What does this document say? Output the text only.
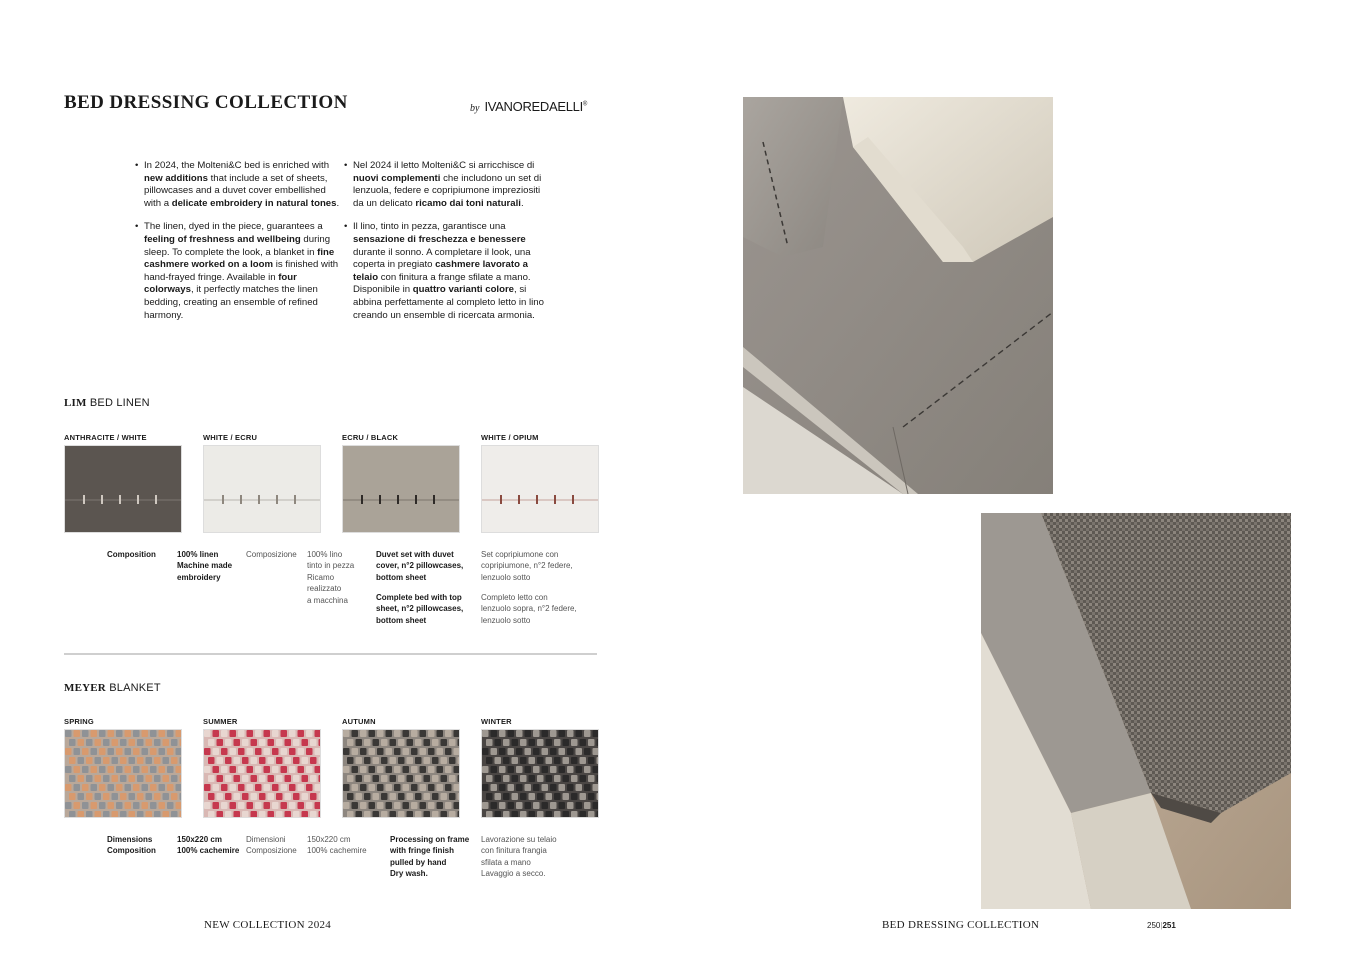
BED DRESSING COLLECTION	by IVANOREDAELLI®
• In 2024, the Molteni&C bed is enriched with new additions that include a set of sheets, pillowcases and a duvet cover embellished with a delicate embroidery in natural tones.
• The linen, dyed in the piece, guarantees a feeling of freshness and wellbeing during sleep. To complete the look, a blanket in fine cashmere worked on a loom is finished with hand-frayed fringe. Available in four colorways, it perfectly matches the linen bedding, creating an ensemble of refined harmony.
• Nel 2024 il letto Molteni&C si arricchisce di nuovi complementi che includono un set di lenzuola, federe e copripiumone impreziositi da un delicato ricamo dai toni naturali.
• Il lino, tinto in pezza, garantisce una sensazione di freschezza e benessere durante il sonno. A completare il look, una coperta in pregiato cashmere lavorato a telaio con finitura a frange sfilate a mano. Disponibile in quattro varianti colore, si abbina perfettamente al completo letto in lino creando un ensemble di ricercata armonia.
LIM BED LINEN
ANTHRACITE / WHITE	WHITE / ECRU	ECRU / BLACK	WHITE / OPIUM
Composition	100% linen
Machine made
embroidery
Composizione 100% lino
tinto in pezza
Ricamo
realizzato
a macchina
Duvet set with duvet cover, n°2 pillowcases, bottom sheet
Complete bed with top sheet, n°2 pillowcases, bottom sheet
Set copripiumone con copripiumone, n°2 federe, lenzuolo sotto
Completo letto con lenzuolo sopra, n°2 federe, lenzuolo sotto
MEYER BLANKET
SPRING	SUMMER	AUTUMN	WINTER
Dimensions
Composition
150x220 cm
100% cachemire
Dimensioni
Composizione
150x220 cm
100% cachemire
Processing on frame
with fringe finish
pulled by hand
Dry wash.
Lavorazione su telaio
con finitura frangia
sfilata a mano
Lavaggio a secco.
NEW COLLECTION 2024	BED DRESSING COLLECTION	250|251
